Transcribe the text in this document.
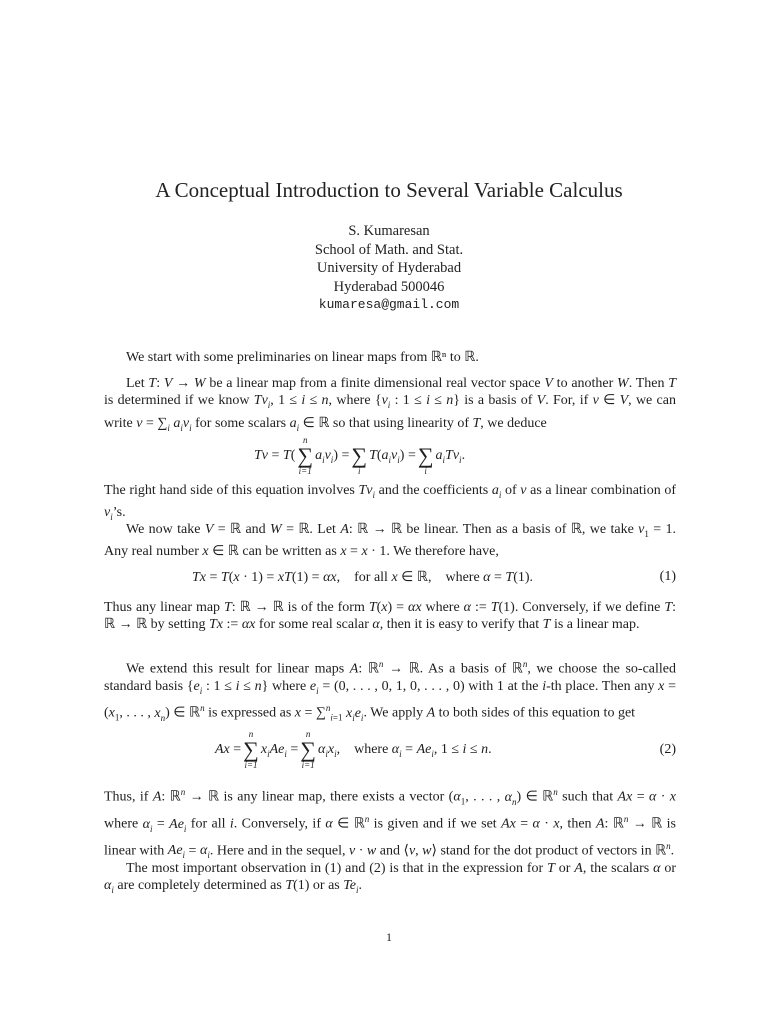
A Conceptual Introduction to Several Variable Calculus
S. Kumaresan
School of Math. and Stat.
University of Hyderabad
Hyderabad 500046
kumaresa@gmail.com

We start with some preliminaries on linear maps from ℝⁿ to ℝ.

Let T: V → W be a linear map from a finite dimensional real vector space V to another W. Then T is determined if we know $Tv_i$, 1 ≤ i ≤ n, where {$v_i$ : 1 ≤ i ≤ n} is a basis of V. For, if v ∈ V, we can write $v = \sum_i$ $a_iv_i$ for some scalars $a_i$ ∈ ℝ so that using linearity of T, we deduce

Tv = T(
n
∑
i=1
$a_iv_i$) =
∑
i
$T(a_iv_i)$ =
∑
i
$a_iTv_i$.

The right hand side of this equation involves $Tv_i$ and the coefficients $a_i$ of v as a linear combination of $v_i’s$.

We now take V = ℝ and W = ℝ. Let A: ℝ → ℝ be linear. Then as a basis of ℝ, we take $v_1 = 1$. Any real number x ∈ ℝ can be written as x = x · 1. We therefore have,

Tx = T(x · 1) = xT(1) = αx,    for all x ∈ ℝ,    where α = T(1).	(1)

Thus any linear map T: ℝ → ℝ is of the form T(x) = αx where α := T(1). Conversely, if we define T: ℝ → ℝ by setting Tx := αx for some real scalar α, then it is easy to verify that T is a linear map.

We extend this result for linear maps A: ℝ$^n$ → ℝ. As a basis of ℝ$^n$, we choose the so-called standard basis {$e_i$ : 1 ≤ i ≤ n} where $e_i = (0$, . . . , 0, 1, 0, . . . , 0) with 1 at the i-th place. Then any $x = (x_1$, . . . , $x_n$) ∈ ℝ$^n$ is expressed as x = ∑$^n_{i=1}$ $x_ie_i$. We apply A to both sides of this equation to get

Ax =
n
∑
i=1
$x_iAe_i$ =
n
∑
i=1
$\alpha_ix_i$,    where $\alpha_i = Ae_i$, 1 ≤ i ≤ n.	(2)

Thus, if A: ℝ$^n$ → ℝ is any linear map, there exists a vector ($\alpha_1$, . . . , $\alpha_n$) ∈ ℝ$^n$ such that Ax = α · x where $\alpha_i = Ae_i$ for all i. Conversely, if α ∈ ℝ$^n$ is given and if we set Ax = α · x, then A: ℝ$^n$ → ℝ is linear with $Ae_i = \alpha_i$. Here and in the sequel, v · w and ⟨v, w⟩ stand for the dot product of vectors in ℝ$^n$.

The most important observation in (1) and (2) is that in the expression for T or A, the scalars α or $\alpha_i$ are completely determined as T(1) or as $Te_i$.

1
